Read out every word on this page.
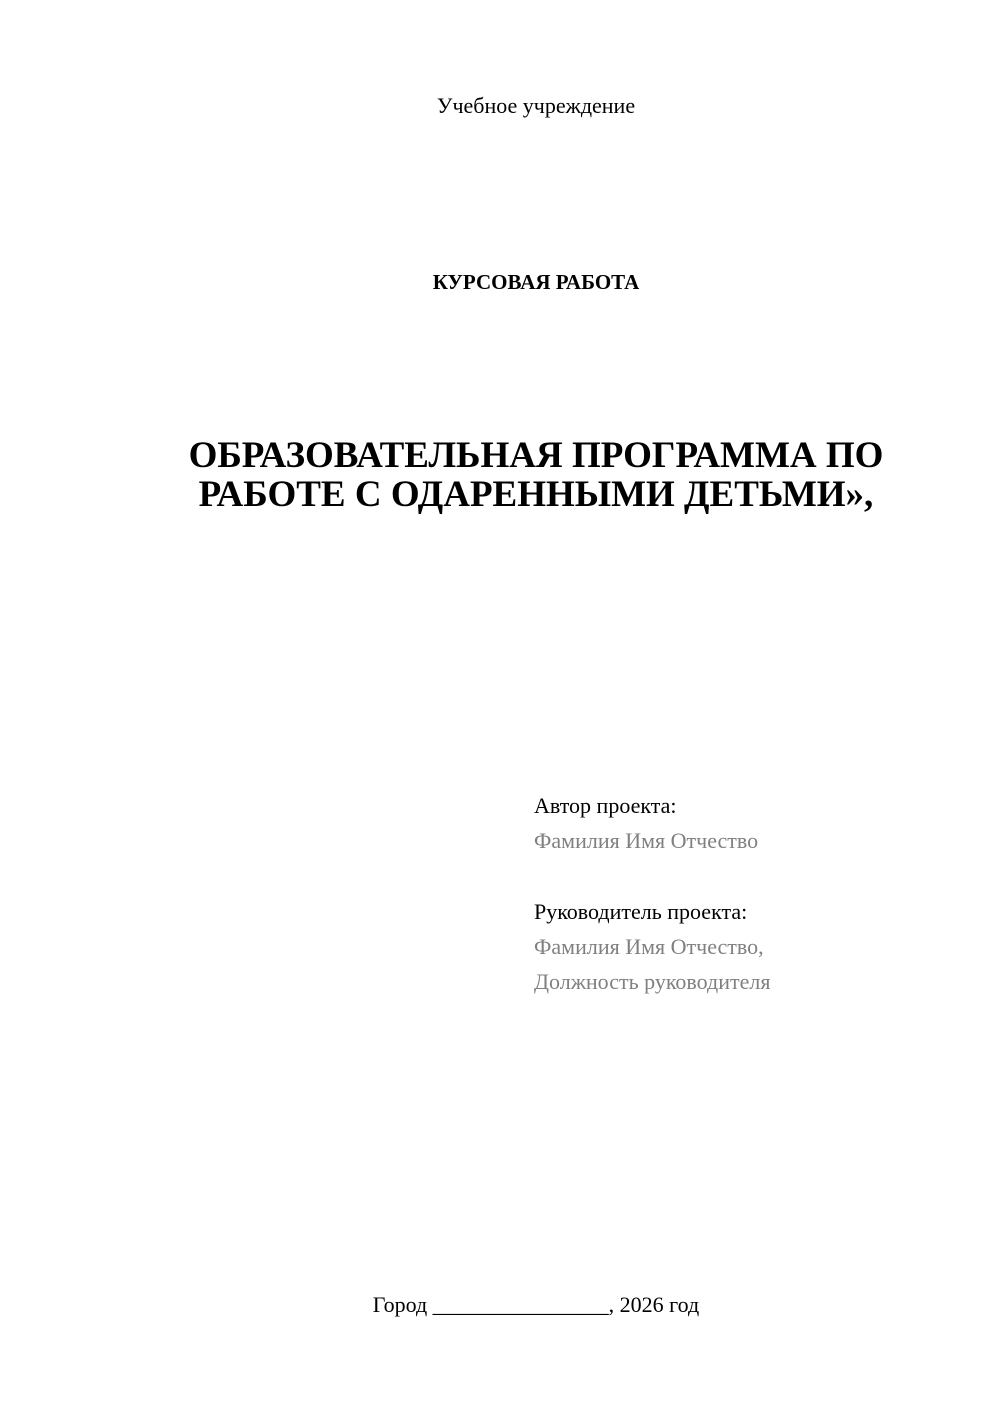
Учебное учреждение

КУРСОВАЯ РАБОТА

ОБРАЗОВАТЕЛЬНАЯ ПРОГРАММА ПО
РАБОТЕ С ОДАРЕННЫМИ ДЕТЬМИ»,
Автор проекта:
Фамилия Имя Отчество
Руководитель проекта:
Фамилия Имя Отчество,
Должность руководителя

Город ________________, 2026 год
